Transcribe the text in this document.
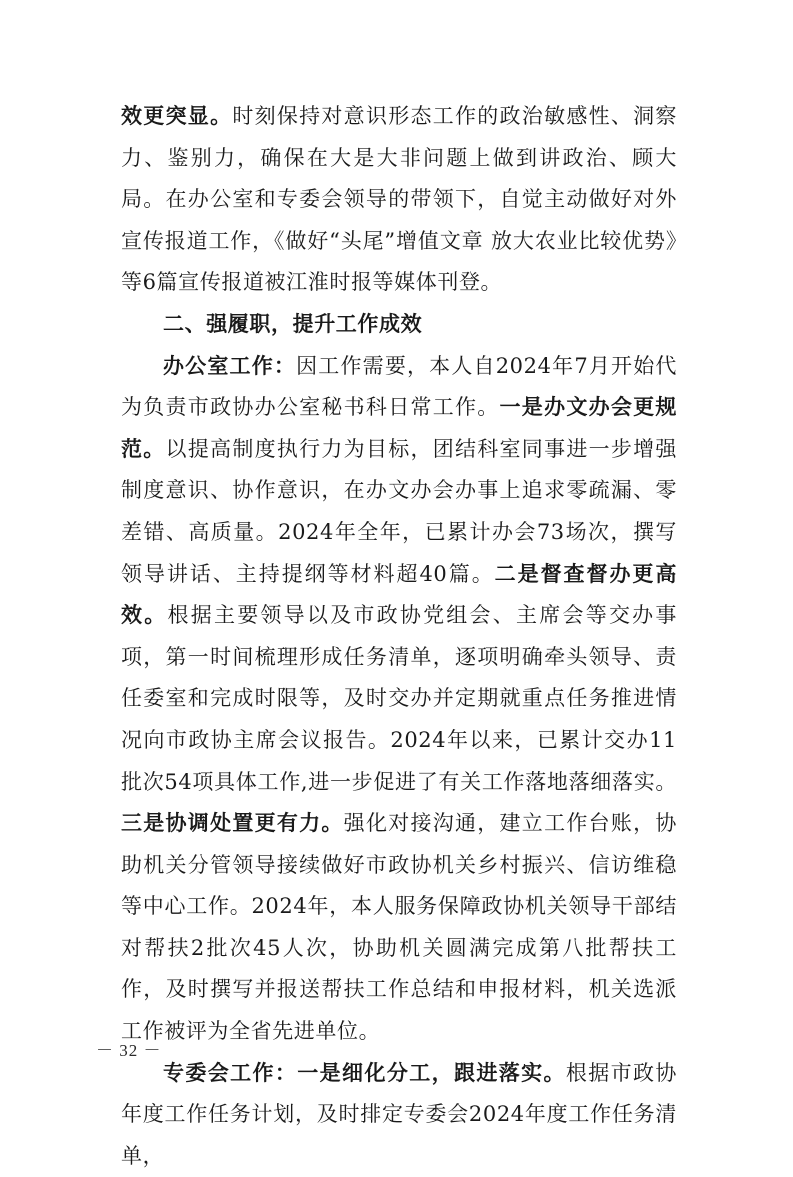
效更突显。时刻保持对意识形态工作的政治敏感性、洞察力、鉴别力，确保在大是大非问题上做到讲政治、顾大局。在办公室和专委会领导的带领下，自觉主动做好对外宣传报道工作，《做好“头尾”增值文章 放大农业比较优势》等6篇宣传报道被江淮时报等媒体刊登。

二、强履职，提升工作成效

办公室工作：因工作需要，本人自2024年7月开始代为负责市政协办公室秘书科日常工作。一是办文办会更规范。以提高制度执行力为目标，团结科室同事进一步增强制度意识、协作意识，在办文办会办事上追求零疏漏、零差错、高质量。2024年全年，已累计办会73场次，撰写领导讲话、主持提纲等材料超40篇。二是督查督办更高效。根据主要领导以及市政协党组会、主席会等交办事项，第一时间梳理形成任务清单，逐项明确牵头领导、责任委室和完成时限等，及时交办并定期就重点任务推进情况向市政协主席会议报告。2024年以来，已累计交办11批次54项具体工作,进一步促进了有关工作落地落细落实。三是协调处置更有力。强化对接沟通，建立工作台账，协助机关分管领导接续做好市政协机关乡村振兴、信访维稳等中心工作。2024年，本人服务保障政协机关领导干部结对帮扶2批次45人次，协助机关圆满完成第八批帮扶工作，及时撰写并报送帮扶工作总结和申报材料，机关选派工作被评为全省先进单位。

专委会工作：一是细化分工，跟进落实。根据市政协年度工作任务计划，及时排定专委会2024年度工作任务清单，

－ 32 －
